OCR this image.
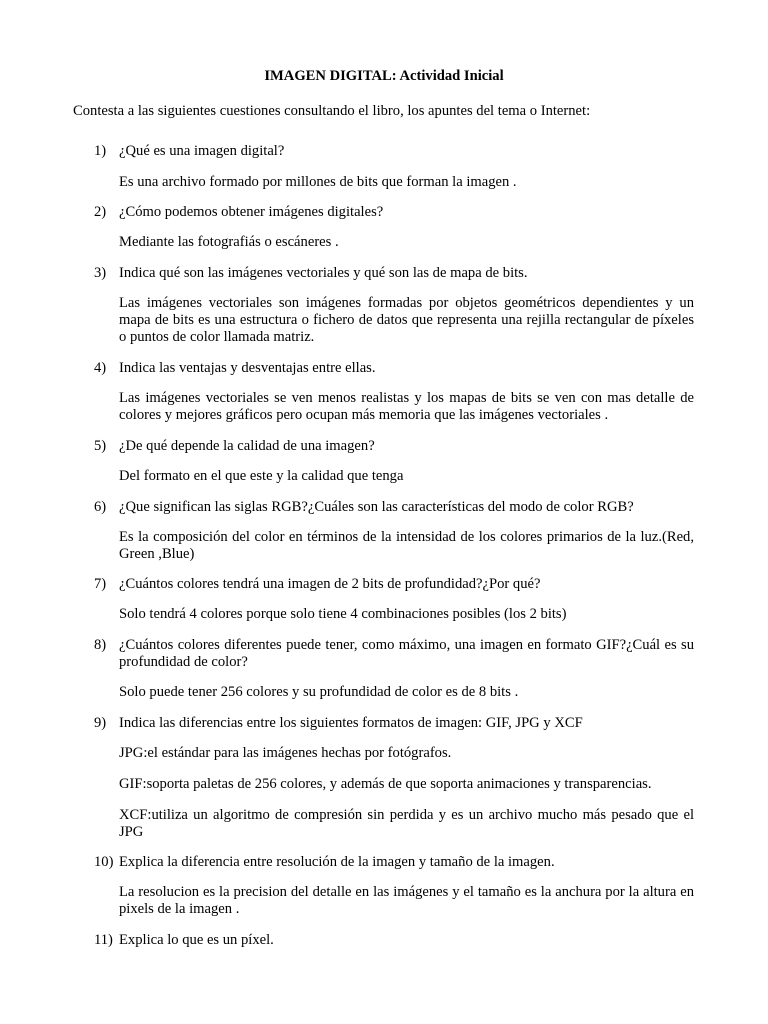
IMAGEN DIGITAL: Actividad Inicial
Contesta a las siguientes cuestiones consultando el libro, los apuntes del tema o Internet:
1) ¿Qué es una imagen digital?
Es una archivo formado por millones de bits que forman la imagen .
2) ¿Cómo podemos obtener imágenes digitales?
Mediante las fotografiás o escáneres .
3) Indica qué son las imágenes vectoriales y qué son las de mapa de bits.
Las imágenes vectoriales son imágenes formadas por objetos geométricos dependientes y un mapa de bits es una estructura o fichero de datos que representa una rejilla rectangular de píxeles o puntos de color llamada matriz.
4) Indica las ventajas y desventajas entre ellas.
Las imágenes vectoriales se ven menos realistas y los mapas de bits se ven con mas detalle de colores y mejores gráficos pero ocupan más memoria que las imágenes vectoriales .
5) ¿De qué depende la calidad de una imagen?
Del formato en el que este y la calidad que tenga
6) ¿Que significan las siglas RGB?¿Cuáles son las características del modo de color RGB?
Es la composición del color en términos de la intensidad de los colores primarios de la luz.(Red, Green ,Blue)
7) ¿Cuántos colores tendrá una imagen de 2 bits de profundidad?¿Por qué?
Solo tendrá 4 colores porque solo tiene 4 combinaciones posibles (los 2 bits)
8) ¿Cuántos colores diferentes puede tener, como máximo, una imagen en formato GIF?¿Cuál es su profundidad de color?
Solo puede tener 256 colores y su profundidad de color es de 8 bits .
9) Indica las diferencias entre los siguientes formatos de imagen: GIF, JPG y XCF
JPG:el estándar para las imágenes hechas por fotógrafos.
GIF:soporta paletas de 256 colores, y además de que soporta animaciones y transparencias.
XCF:utiliza un algoritmo de compresión sin perdida y es un archivo mucho más pesado que el JPG
10) Explica la diferencia entre resolución de la imagen y tamaño de la imagen.
La resolucion es la precision del detalle en las imágenes y el tamaño es la anchura por la altura en pixels de la imagen .
11) Explica lo que es un píxel.
